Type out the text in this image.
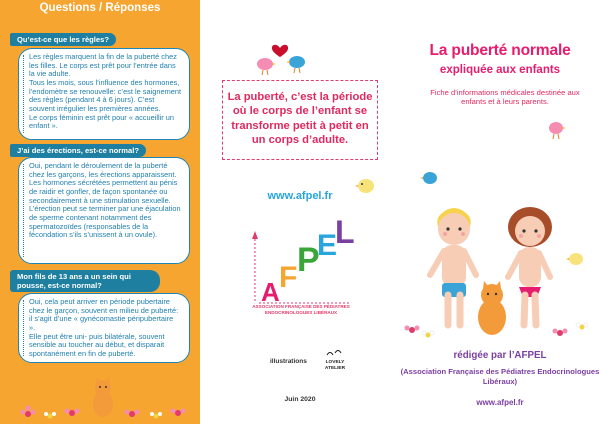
Questions / Réponses
Qu’est-ce que les règles?

Les règles marquent la fin de la puberté chez les filles. Le corps est prêt pour l’entrée dans la vie adulte.

Tous les mois, sous l’influence des hormones, l’endomètre se renouvelle: c’est le saignement des règles (pendant 4 à 6 jours). C’est souvent irrégulier les premières années.

Le corps féminin est prêt pour « accueillir un enfant ».

J’ai des érections, est-ce normal?

Oui, pendant le déroulement de la puberté chez les garçons, les érections apparaissent.

Les hormones sécrétées permettent au pénis de raidir et gonfler, de façon spontanée ou secondairement à une stimulation sexuelle.

L’érection peut se terminer par une éjaculation de sperme contenant notamment des spermatozoïdes (responsables de la fécondation s’ils s’unissent à un ovule).

Mon fils de 13 ans a un sein qui pousse, est-ce normal?

Oui, cela peut arriver en période pubertaire chez le garçon, souvent en milieu de puberté: il s’agit d’une « gynécomastie péripubertaire ».

Elle peut être uni- puis bilatérale, souvent sensible au toucher au début, et disparait spontanément en fin de puberté.

La puberté, c’est la période où le corps de l’enfant se transforme petit à petit en un corps d’adulte.
www.afpel.fr
A F P
E
L
ASSOCIATION FRANÇAISE DES PÉDIATRES ENDOCRINOLOGUES LIBÉRAUX
illustrations	LOVELY ATELIER
Juin 2020
La puberté normale
expliquée aux enfants
Fiche d’informations médicales destinée aux enfants et à leurs parents.
rédigée par l’AFPEL
(Association Française des Pédiatres Endocrinologues Libéraux)
www.afpel.fr
